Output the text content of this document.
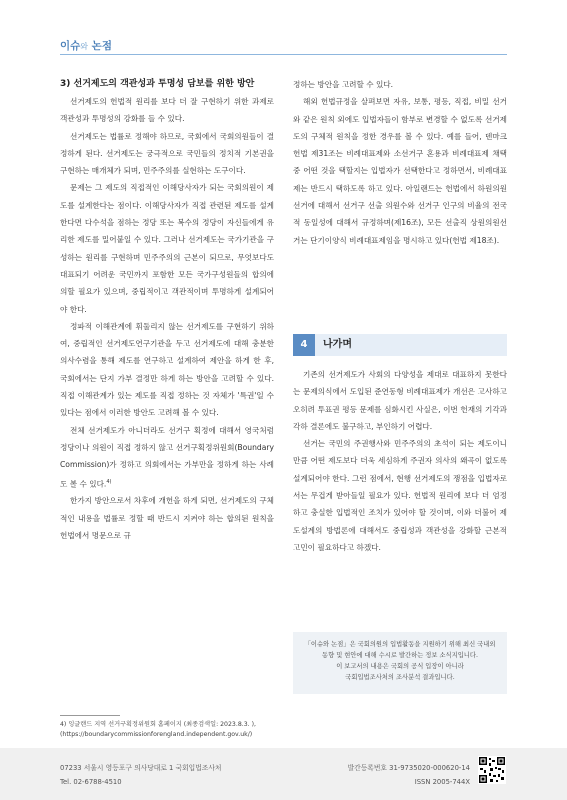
이슈와 논점

3) 선거제도의 객관성과 투명성 담보를 위한 방안

선거제도의 헌법적 원리를 보다 더 잘 구현하기 위한 과제로 객관성과 투명성의 강화를 들 수 있다.

선거제도는 법률로 정해야 하므로, 국회에서 국회의원들이 결정하게 된다. 선거제도는 궁극적으로 국민들의 정치적 기본권을 구현하는 매개체가 되며, 민주주의를 실현하는 도구이다.

문제는 그 제도의 직접적인 이해당사자가 되는 국회의원이 제도를 설계한다는 점이다. 이해당사자가 직접 관련된 제도를 설계한다면 다수석을 점하는 정당 또는 복수의 정당이 자신들에게 유리한 제도를 밀어붙일 수 있다. 그러나 선거제도는 국가기관을 구성하는 원리를 구현하며 민주주의의 근본이 되므로, 무엇보다도 대표되기 어려운 국민까지 포함한 모든 국가구성원들의 합의에 의할 필요가 있으며, 중립적이고 객관적이며 투명하게 설계되어야 한다.

정파적 이해관계에 휘둘리지 않는 선거제도를 구현하기 위하여, 중립적인 선거제도연구기관을 두고 선거제도에 대해 충분한 의사수렴을 통해 제도를 연구하고 설계하여 제안을 하게 한 후, 국회에서는 단지 가부 결정만 하게 하는 방안을 고려할 수 있다. 직접 이해관계가 있는 제도를 직접 정하는 것 자체가 '특권'일 수 있다는 점에서 이러한 방안도 고려해 볼 수 있다.

전체 선거제도가 아니더라도 선거구 획정에 대해서 영국처럼 정당이나 의원이 직접 정하지 않고 선거구획정위원회(Boundary Commission)가 정하고 의회에서는 가부만을 정하게 하는 사례도 볼 수 있다.$^{4)}$

한가지 방안으로서 차후에 개헌을 하게 되면, 선거제도의 구체적인 내용을 법률로 정할 때 반드시 지켜야 하는 합의된 원칙을 헌법에서 명문으로 규

정하는 방안을 고려할 수 있다.

해외 헌법규정을 살펴보면 자유, 보통, 평등, 직접, 비밀 선거와 같은 원칙 외에도 입법자들이 함부로 변경할 수 없도록 선거제도의 구체적 원칙을 정한 경우를 볼 수 있다. 예를 들어, 덴마크 헌법 제31조는 비례대표제와 소선거구 혼용과 비례대표제 채택 중 어떤 것을 택할지는 입법자가 선택한다고 정하면서, 비례대표제는 반드시 택하도록 하고 있다. 아일랜드는 헌법에서 하원의원 선거에 대해서 선거구 선출 의원수와 선거구 인구의 비율의 전국적 동일성에 대해서 규정하며(제16조), 모든 선출직 상원의원선거는 단기이양식 비례대표제임을 명시하고 있다(헌법 제18조).

4	나가며

기존의 선거제도가 사회의 다양성을 제대로 대표하지 못한다는 문제의식에서 도입된 준연동형 비례대표제가 개선은 고사하고 오히려 투표권 평등 문제를 심화시킨 사실은, 이번 헌재의 기각과 각하 결론에도 불구하고, 부인하기 어렵다.

선거는 국민의 주권행사와 민주주의의 초석이 되는 제도이니만큼 어떤 제도보다 더욱 세심하게 주권자 의사의 왜곡이 없도록 설계되어야 한다. 그런 점에서, 현행 선거제도의 쟁점을 입법자로서는 무겁게 받아들일 필요가 있다. 헌법적 원리에 보다 더 엄정하고 충실한 입법적인 조치가 있어야 할 것이며, 이와 더불어 제도설계의 방법론에 대해서도 중립성과 객관성을 강화할 근본적 고민이 필요하다고 하겠다.

「이슈와 논점」은 국회의원의 입법활동을 지원하기 위해 최신 국내외
동향 및 현안에 대해 수시로 발간하는 정보 소식지입니다.
이 보고서의 내용은 국회의 공식 입장이 아니라
국회입법조사처의 조사분석 결과입니다.
4) 잉글랜드 지역 선거구획정위원회 홈페이지 (최종검색일: 2023.8.3. ),
(https://boundarycommissionforengland.independent.gov.uk/)
07233 서울시 영등포구 의사당대로 1 국회입법조사처
Tel. 02-6788-4510
발간등록번호 31-9735020-000620-14
ISSN 2005-744X
